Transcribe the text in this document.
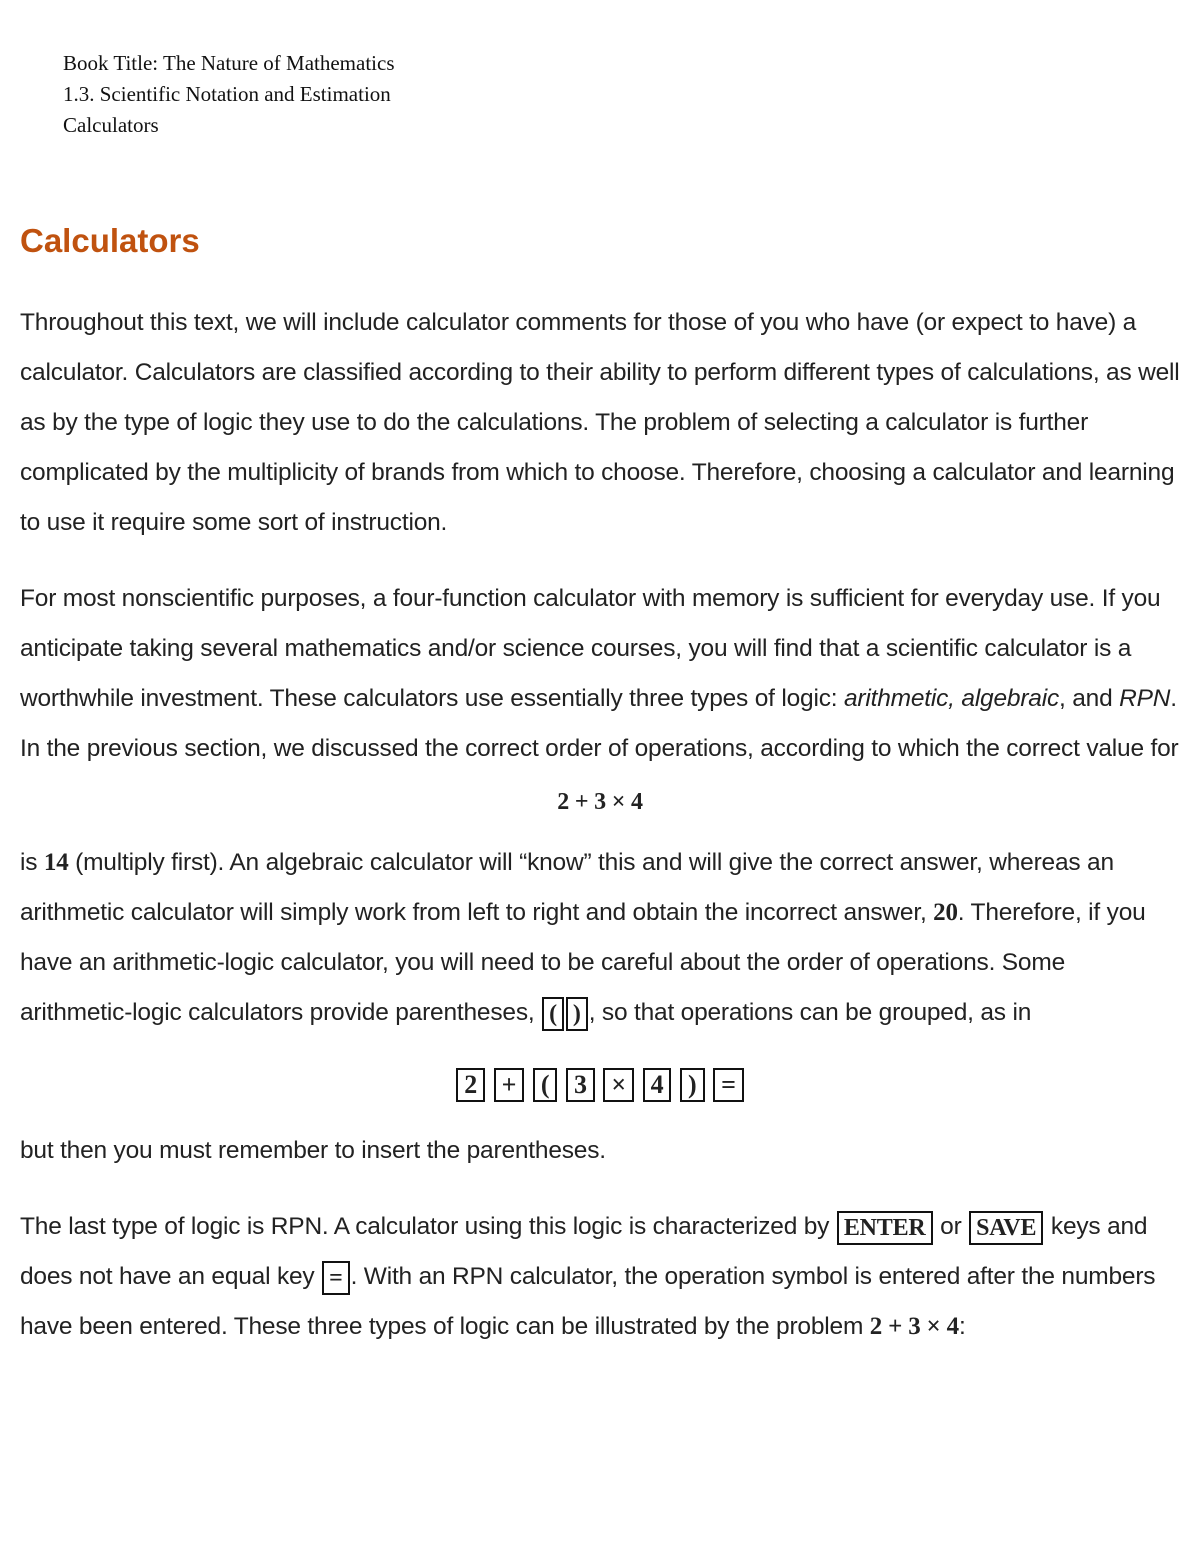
Book Title: The Nature of Mathematics
1.3. Scientific Notation and Estimation
Calculators
Calculators

Throughout this text, we will include calculator comments for those of you who have (or expect to have) a calculator. Calculators are classified according to their ability to perform different types of calculations, as well as by the type of logic they use to do the calculations. The problem of selecting a calculator is further complicated by the multiplicity of brands from which to choose. Therefore, choosing a calculator and learning to use it require some sort of instruction.

For most nonscientific purposes, a four-function calculator with memory is sufficient for everyday use. If you anticipate taking several mathematics and/or science courses, you will find that a scientific calculator is a worthwhile investment. These calculators use essentially three types of logic: arithmetic, algebraic, and RPN. In the previous section, we discussed the correct order of operations, according to which the correct value for

2 + 3 × 4

is 14 (multiply first). An algebraic calculator will “know” this and will give the correct answer, whereas an arithmetic calculator will simply work from left to right and obtain the incorrect answer, 20. Therefore, if you have an arithmetic-logic calculator, you will need to be careful about the order of operations. Some arithmetic-logic calculators provide parentheses, ( ) , so that operations can be grouped, as in

2 + ( 3 × 4 ) =

but then you must remember to insert the parentheses.

The last type of logic is RPN. A calculator using this logic is characterized by ENTER or SAVE keys and does not have an equal key = . With an RPN calculator, the operation symbol is entered after the numbers have been entered. These three types of logic can be illustrated by the problem 2 + 3 × 4:
